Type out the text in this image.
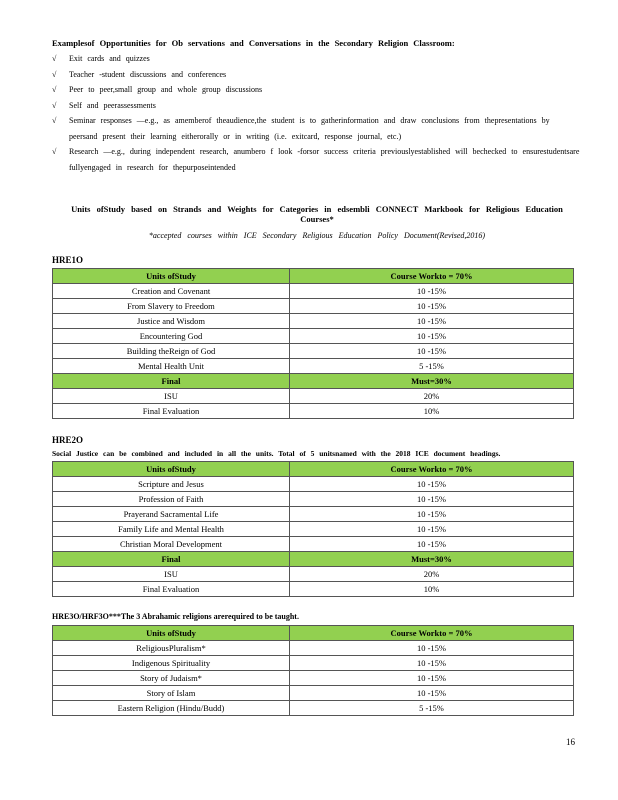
Examplesof Opportunities for Ob servations and Conversations in the Secondary Religion Classroom:
√ Exit cards and quizzes
√ Teacher -student discussions and conferences
√ Peer to peer,small group and whole group discussions
√ Self and peerassessments
√ Seminar responses —e.g., as amemberof theaudience,the student is to gatherinformation and draw conclusions from thepresentations by peersand present their learning eitherorally or in writing (i.e. exitcard, response journal, etc.)
√ Research —e.g., during independent research, anumbero f look -forsor success criteria previouslyestablished will bechecked to ensurestudentsare fullyengaged in research for thepurposeintended
Units ofStudy based on Strands and Weights for Categories in edsembli CONNECT Markbook for Religious Education Courses*
*accepted courses within ICE Secondary Religious Education Policy Document(Revised,2016)
HRE1O
Units ofStudy	Course Workto = 70%
Creation and Covenant	10 -15%
From Slavery to Freedom	10 -15%
Justice and Wisdom	10 -15%
Encountering God	10 -15%
Building theReign of God	10 -15%
Mental Health Unit	5 -15%
Final	Must=30%
ISU	20%
Final Evaluation	10%
HRE2O
Social Justice can be combined and included in all the units. Total of 5 unitsnamed with the 2018 ICE document headings.
Units ofStudy	Course Workto = 70%
Scripture and Jesus	10 -15%
Profession of Faith	10 -15%
Prayerand Sacramental Life	10 -15%
Family Life and Mental Health	10 -15%
Christian Moral Development	10 -15%
Final	Must=30%
ISU	20%
Final Evaluation	10%
HRE3O/HRF3O***The 3 Abrahamic religions arerequired to be taught.
Units ofStudy	Course Workto = 70%
ReligiousPluralism*	10 -15%
Indigenous Spirituality	10 -15%
Story of Judaism*	10 -15%
Story of Islam	10 -15%
Eastern Religion (Hindu/Budd)	5 -15%
16
